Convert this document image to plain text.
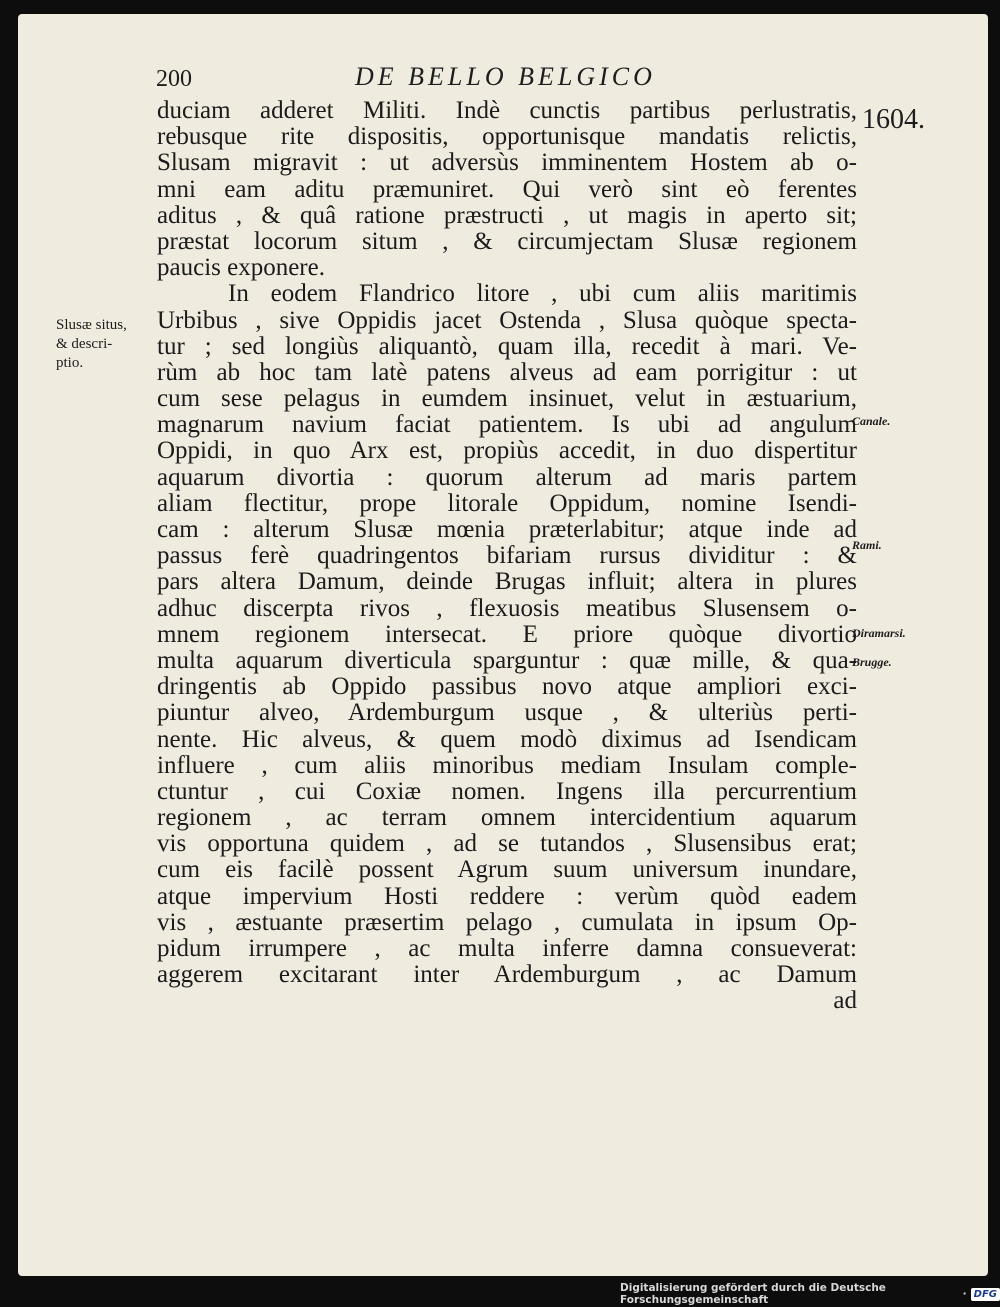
200	DE BELLO BELGICO
1604.
Slusæ situs,
& descri-
ptio.
Canale.
Rami.
Diramarsi.
Brugge.
duciam adderet Militi. Indè cunctis partibus perlustratis,
rebusque rite dispositis, opportunisque mandatis relictis,
Slusam migravit : ut adversùs imminentem Hostem ab o-
mni eam aditu præmuniret. Qui verò sint eò ferentes
aditus , & quâ ratione præstructi , ut magis in aperto sit;
præstat locorum situm , & circumjectam Slusæ regionem
paucis exponere.
In eodem Flandrico litore , ubi cum aliis maritimis
Urbibus , sive Oppidis jacet Ostenda , Slusa quòque specta-
tur ; sed longiùs aliquantò, quam illa, recedit à mari. Ve-
rùm ab hoc tam latè patens alveus ad eam porrigitur : ut
cum sese pelagus in eumdem insinuet, velut in æstuarium,
magnarum navium faciat patientem. Is ubi ad angulum
Oppidi, in quo Arx est, propiùs accedit, in duo dispertitur
aquarum divortia : quorum alterum ad maris partem
aliam flectitur, prope litorale Oppidum, nomine Isendi-
cam : alterum Slusæ mœnia præterlabitur; atque inde ad
passus ferè quadringentos bifariam rursus dividitur : &
pars altera Damum, deinde Brugas influit; altera in plures
adhuc discerpta rivos , flexuosis meatibus Slusensem o-
mnem regionem intersecat. E priore quòque divortio
multa aquarum diverticula sparguntur : quæ mille, & qua-
dringentis ab Oppido passibus novo atque ampliori exci-
piuntur alveo, Ardemburgum usque , & ulteriùs perti-
nente. Hic alveus, & quem modò diximus ad Isendicam
influere , cum aliis minoribus mediam Insulam comple-
ctuntur , cui Coxiæ nomen. Ingens illa percurrentium
regionem , ac terram omnem intercidentium aquarum
vis opportuna quidem , ad se tutandos , Slusensibus erat;
cum eis facilè possent Agrum suum universum inundare,
atque impervium Hosti reddere : verùm quòd eadem
vis , æstuante præsertim pelago , cumulata in ipsum Op-
pidum irrumpere , ac multa inferre damna consueverat:
aggerem excitarant inter Ardemburgum , ac Damum
ad
Digitalisierung gefördert durch die Deutsche Forschungsgemeinschaft	· DFG
